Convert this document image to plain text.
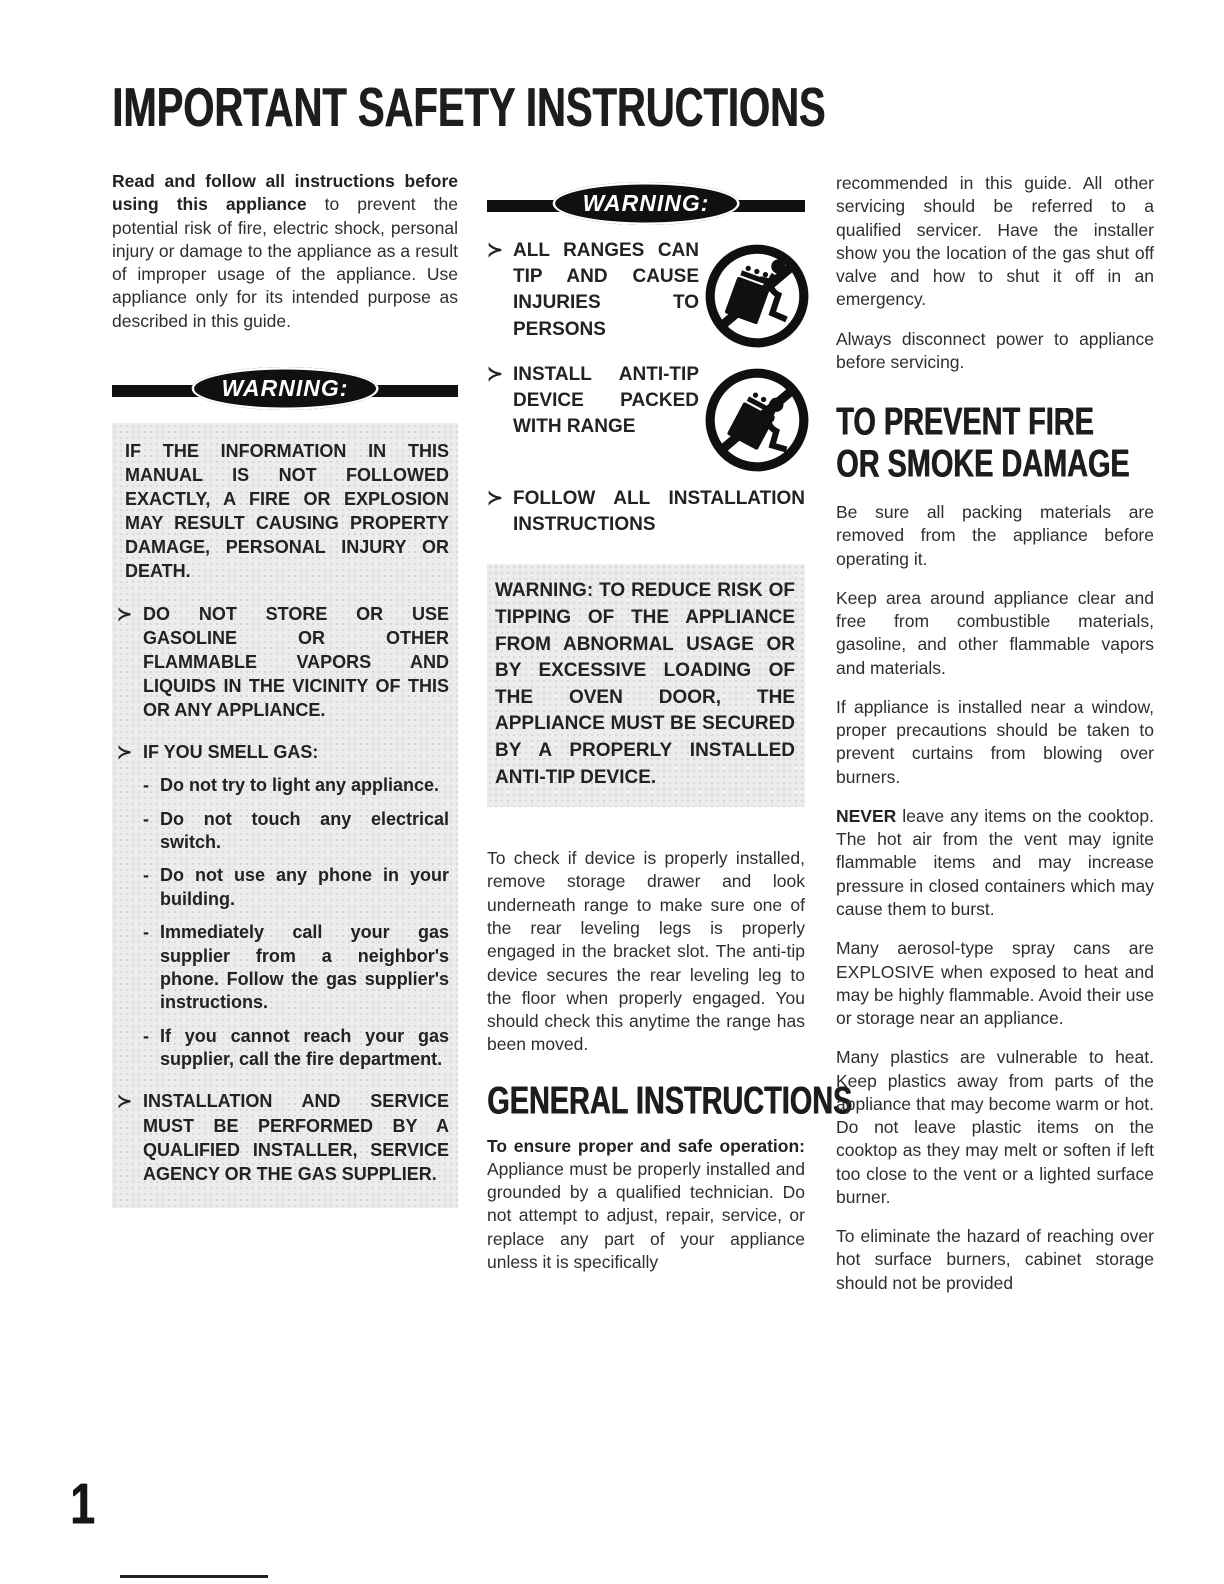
IMPORTANT SAFETY INSTRUCTIONS

Read and follow all instructions before using this appliance to prevent the potential risk of fire, electric shock, personal injury or damage to the appliance as a result of improper usage of the appliance. Use appliance only for its intended purpose as described in this guide.

WARNING:

IF THE INFORMATION IN THIS MANUAL IS NOT FOLLOWED EXACTLY, A FIRE OR EXPLOSION MAY RESULT CAUSING PROPERTY DAMAGE, PERSONAL INJURY OR DEATH.

≻ DO NOT STORE OR USE GASOLINE OR OTHER FLAMMABLE VAPORS AND LIQUIDS IN THE VICINITY OF THIS OR ANY APPLIANCE.
≻ IF YOU SMELL GAS:
- Do not try to light any appliance.
- Do not touch any electrical switch.
- Do not use any phone in your building.
- Immediately call your gas supplier from a neighbor's phone. Follow the gas supplier's instructions.
- If you cannot reach your gas supplier, call the fire department.
≻ INSTALLATION AND SERVICE MUST BE PERFORMED BY A QUALIFIED INSTALLER, SERVICE AGENCY OR THE GAS SUPPLIER.
WARNING:
≻ ALL RANGES CAN TIP AND CAUSE INJURIES TO PERSONS
≻ INSTALL ANTI-TIP DEVICE PACKED WITH RANGE
≻ FOLLOW ALL INSTALLATION INSTRUCTIONS
WARNING: TO REDUCE RISK OF TIPPING OF THE APPLIANCE FROM ABNORMAL USAGE OR BY EXCESSIVE LOADING OF THE OVEN DOOR, THE APPLIANCE MUST BE SECURED BY A PROPERLY INSTALLED ANTI-TIP DEVICE.

To check if device is properly installed, remove storage drawer and look underneath range to make sure one of the rear leveling legs is properly engaged in the bracket slot. The anti-tip device secures the rear leveling leg to the floor when properly engaged. You should check this anytime the range has been moved.

GENERAL INSTRUCTIONS

To ensure proper and safe operation: Appliance must be properly installed and grounded by a qualified technician. Do not attempt to adjust, repair, service, or replace any part of your appliance unless it is specifically

recommended in this guide. All other servicing should be referred to a qualified servicer. Have the installer show you the location of the gas shut off valve and how to shut it off in an emergency.

Always disconnect power to appliance before servicing.

TO PREVENT FIRE
OR SMOKE DAMAGE

Be sure all packing materials are removed from the appliance before operating it.

Keep area around appliance clear and free from combustible materials, gasoline, and other flammable vapors and materials.

If appliance is installed near a window, proper precautions should be taken to prevent curtains from blowing over burners.

NEVER leave any items on the cooktop. The hot air from the vent may ignite flammable items and may increase pressure in closed containers which may cause them to burst.

Many aerosol-type spray cans are EXPLOSIVE when exposed to heat and may be highly flammable. Avoid their use or storage near an appliance.

Many plastics are vulnerable to heat. Keep plastics away from parts of the appliance that may become warm or hot. Do not leave plastic items on the cooktop as they may melt or soften if left too close to the vent or a lighted surface burner.

To eliminate the hazard of reaching over hot surface burners, cabinet storage should not be provided

1
